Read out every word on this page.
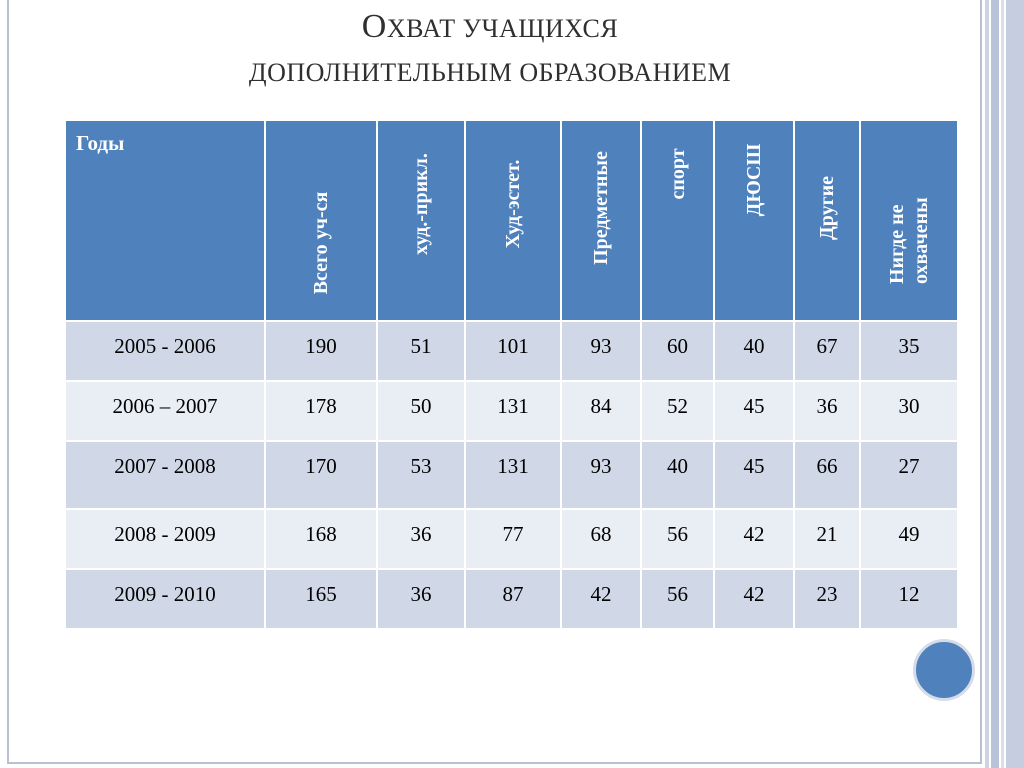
ОХВАТ УЧАЩИХСЯ
ДОПОЛНИТЕЛЬНЫМ ОБРАЗОВАНИЕМ
Годы	Всего уч-ся	худ.-прикл.	Худ-эстет.	Предметные	спорт	ДЮСШ	Другие	Нигде не охвачены

2005 - 2006	190	51	101	93	60	40	67	35
2006 – 2007	178	50	131	84	52	45	36	30
2007 - 2008	170	53	131	93	40	45	66	27
2008 - 2009	168	36	77	68	56	42	21	49
2009 - 2010	165	36	87	42	56	42	23	12
